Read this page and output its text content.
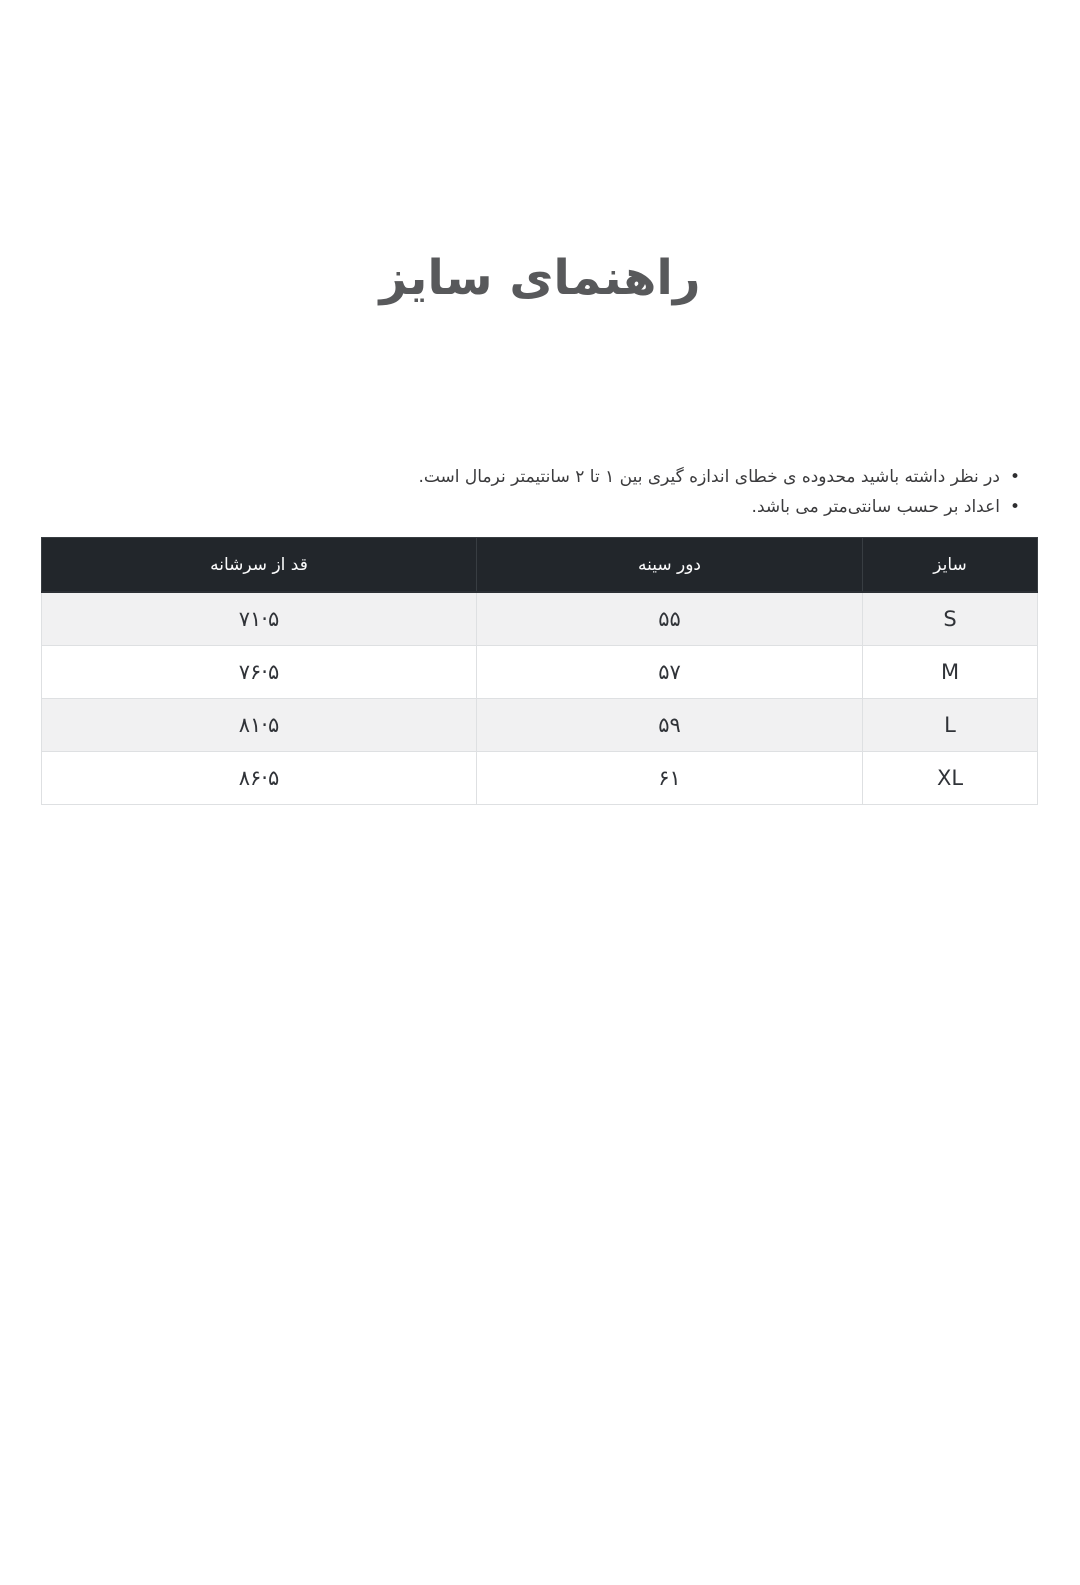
راهنمای سایز
•در نظر داشته باشید محدوده ی خطای اندازه گیری بین ۱ تا ۲ سانتیمتر نرمال است.
•اعداد بر حسب سانتی‌متر می باشد.
سایز	دور سینه	قد از سرشانه
S	۵۵	۷۱·۵
M	۵۷	۷۶·۵
L	۵۹	۸۱·۵
XL	۶۱	۸۶·۵
